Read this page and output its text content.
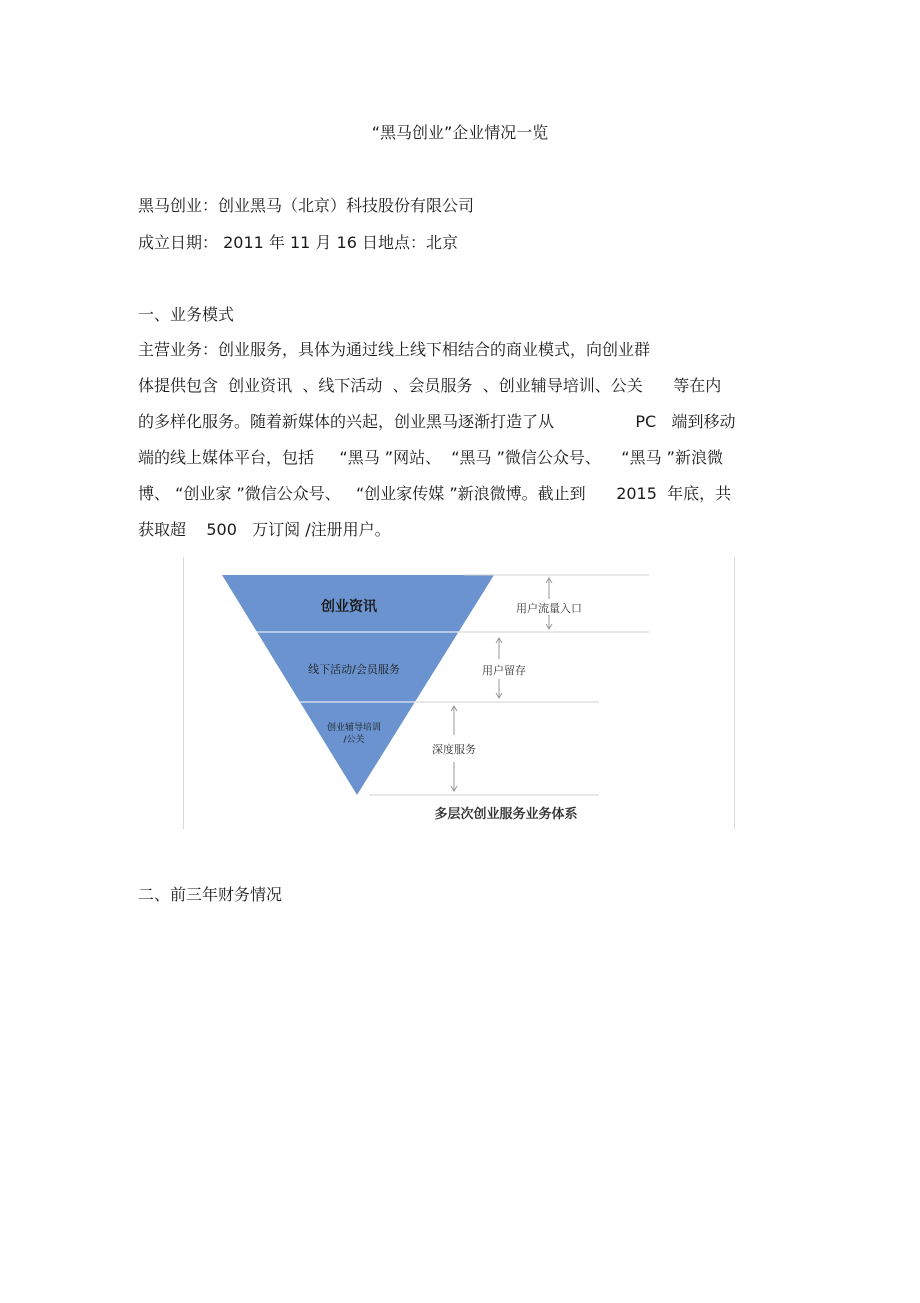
“黑马创业”企业情况一览
黑马创业：创业黑马（北京）科技股份有限公司
成立日期： 2011 年 11 月 16 日地点：北京
一、业务模式
主营业务：创业服务，具体为通过线上线下相结合的商业模式，向创业群
体提供包含  创业资讯  、线下活动  、会员服务  、创业辅导培训、公关      等在内
的多样化服务。随着新媒体的兴起，创业黑马逐渐打造了从                PC   端到移动
端的线上媒体平台，包括     “黑马 ”网站、  “黑马 ”微信公众号、    “黑马 ”新浪微
博、 “创业家 ”微信公众号、   “创业家传媒 ”新浪微博。截止到      2015  年底，共
获取超    500   万订阅 /注册用户。
创业资讯
线下活动/会员服务
创业辅导培训
/公关
用户流量入口
用户留存
深度服务
多层次创业服务业务体系
二、前三年财务情况
